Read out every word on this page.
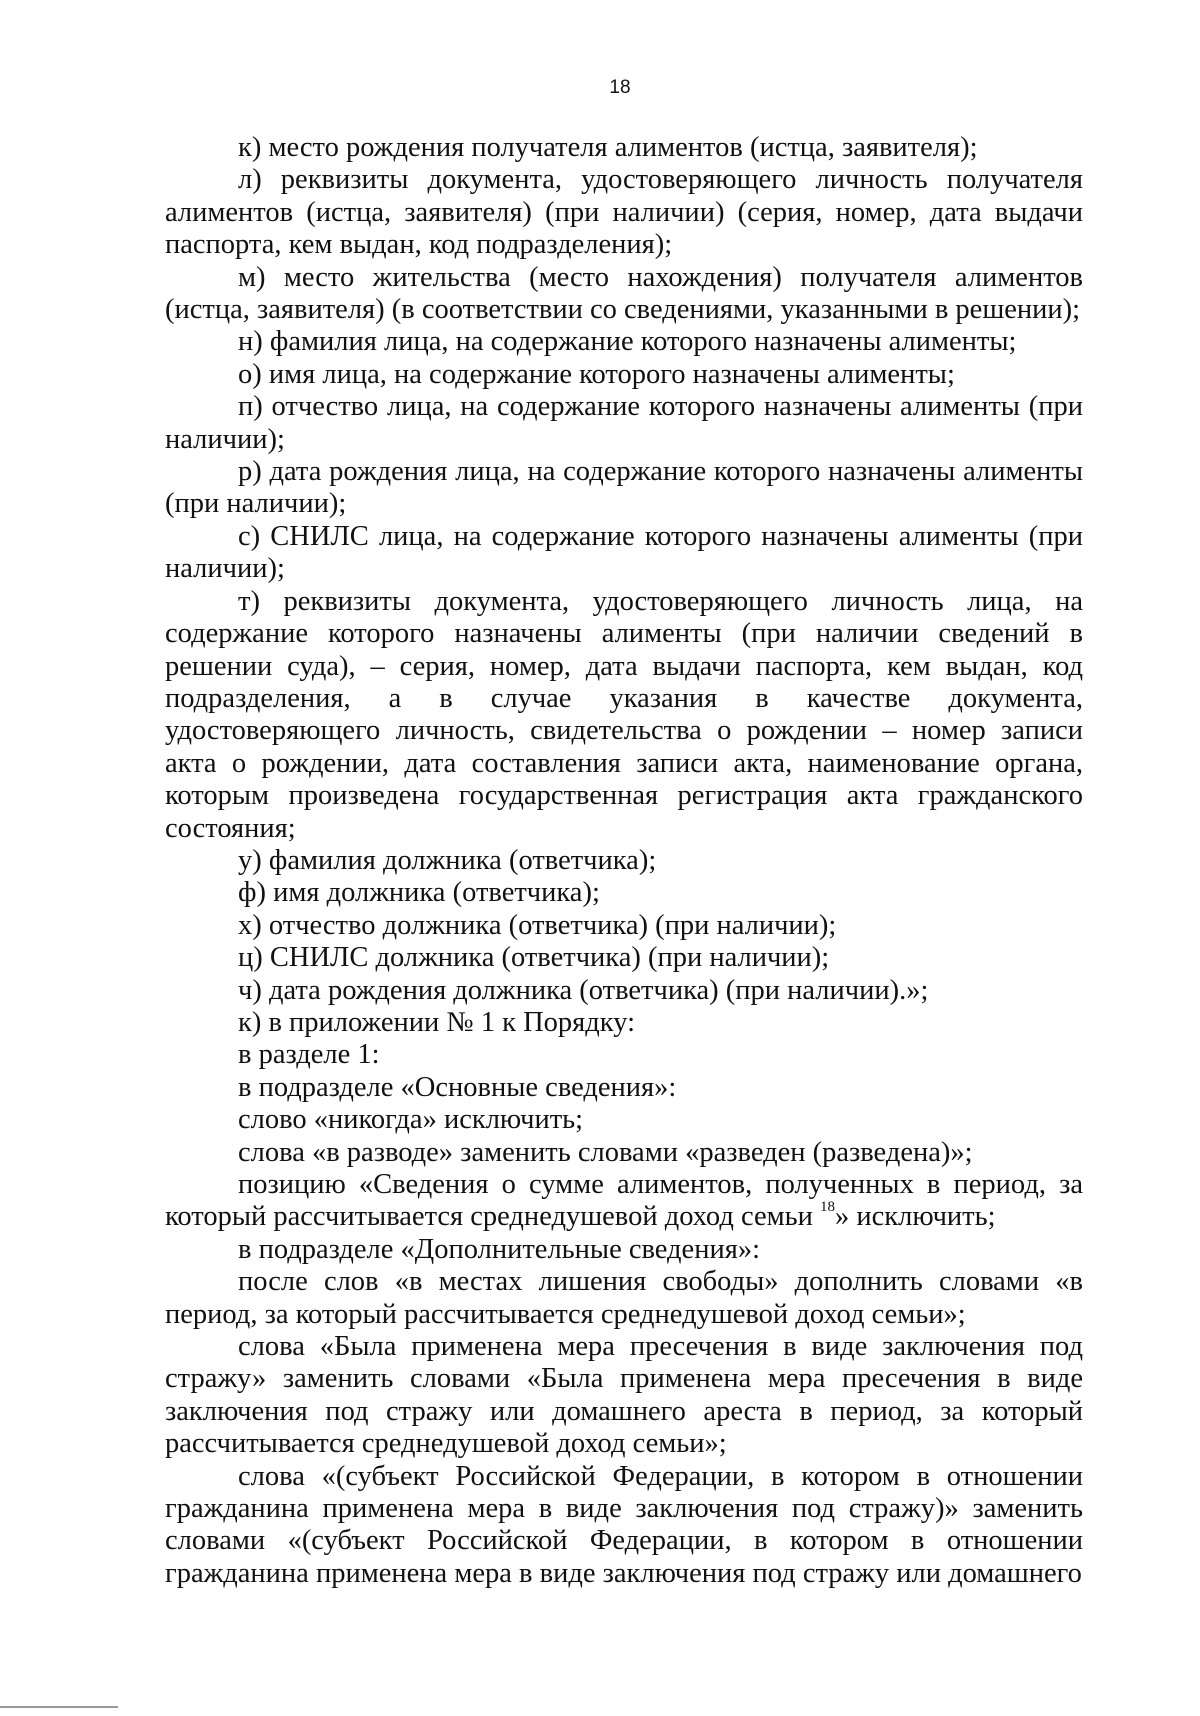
18

к) место рождения получателя алиментов (истца, заявителя);

л) реквизиты документа, удостоверяющего личность получателя алиментов (истца, заявителя) (при наличии) (серия, номер, дата выдачи паспорта, кем выдан, код подразделения);

м) место жительства (место нахождения) получателя алиментов (истца, заявителя) (в соответствии со сведениями, указанными в решении);

н) фамилия лица, на содержание которого назначены алименты;

о) имя лица, на содержание которого назначены алименты;

п) отчество лица, на содержание которого назначены алименты (при наличии);

р) дата рождения лица, на содержание которого назначены алименты (при наличии);

с) СНИЛС лица, на содержание которого назначены алименты (при наличии);

т) реквизиты документа, удостоверяющего личность лица, на содержание которого назначены алименты (при наличии сведений в решении суда), – серия, номер, дата выдачи паспорта, кем выдан, код подразделения, а в случае указания в качестве документа, удостоверяющего личность, свидетельства о рождении – номер записи акта о рождении, дата составления записи акта, наименование органа, которым произведена государственная регистрация акта гражданского состояния;

у) фамилия должника (ответчика);

ф) имя должника (ответчика);

х) отчество должника (ответчика) (при наличии);

ц) СНИЛС должника (ответчика) (при наличии);

ч) дата рождения должника (ответчика) (при наличии).»;

к) в приложении № 1 к Порядку:

в разделе 1:

в подразделе «Основные сведения»:

слово «никогда» исключить;

слова «в разводе» заменить словами «разведен (разведена)»;

позицию «Сведения о сумме алиментов, полученных в период, за который рассчитывается среднедушевой доход семьи $^{18}$» исключить;

в подразделе «Дополнительные сведения»:

после слов «в местах лишения свободы» дополнить словами «в период, за который рассчитывается среднедушевой доход семьи»;

слова «Была применена мера пресечения в виде заключения под стражу» заменить словами «Была применена мера пресечения в виде заключения под стражу или домашнего ареста в период, за который рассчитывается среднедушевой доход семьи»;

слова «(субъект Российской Федерации, в котором в отношении гражданина применена мера в виде заключения под стражу)» заменить словами «(субъект Российской Федерации, в котором в отношении гражданина применена мера в виде заключения под стражу или домашнего
